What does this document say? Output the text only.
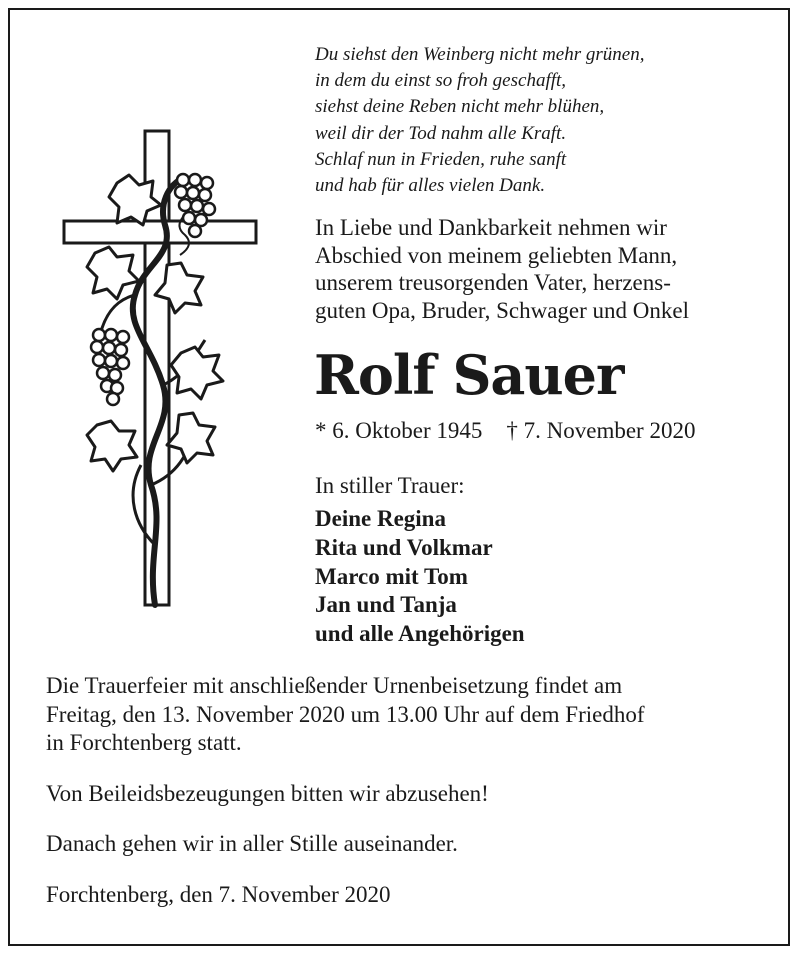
Du siehst den Weinberg nicht mehr grünen,
in dem du einst so froh geschafft,
siehst deine Reben nicht mehr blühen,
weil dir der Tod nahm alle Kraft.
Schlaf nun in Frieden, ruhe sanft
und hab für alles vielen Dank.
In Liebe und Dankbarkeit nehmen wir
Abschied von meinem geliebten Mann,
unserem treusorgenden Vater, herzens-
guten Opa, Bruder, Schwager und Onkel
Rolf Sauer
* 6. Oktober 1945 † 7. November 2020
In stiller Trauer:
Deine Regina
Rita und Volkmar
Marco mit Tom
Jan und Tanja
und alle Angehörigen

Die Trauerfeier mit anschließender Urnenbeisetzung findet am
Freitag, den 13. November 2020 um 13.00 Uhr auf dem Friedhof
in Forchtenberg statt.

Von Beileidsbezeugungen bitten wir abzusehen!

Danach gehen wir in aller Stille auseinander.

Forchtenberg, den 7. November 2020
